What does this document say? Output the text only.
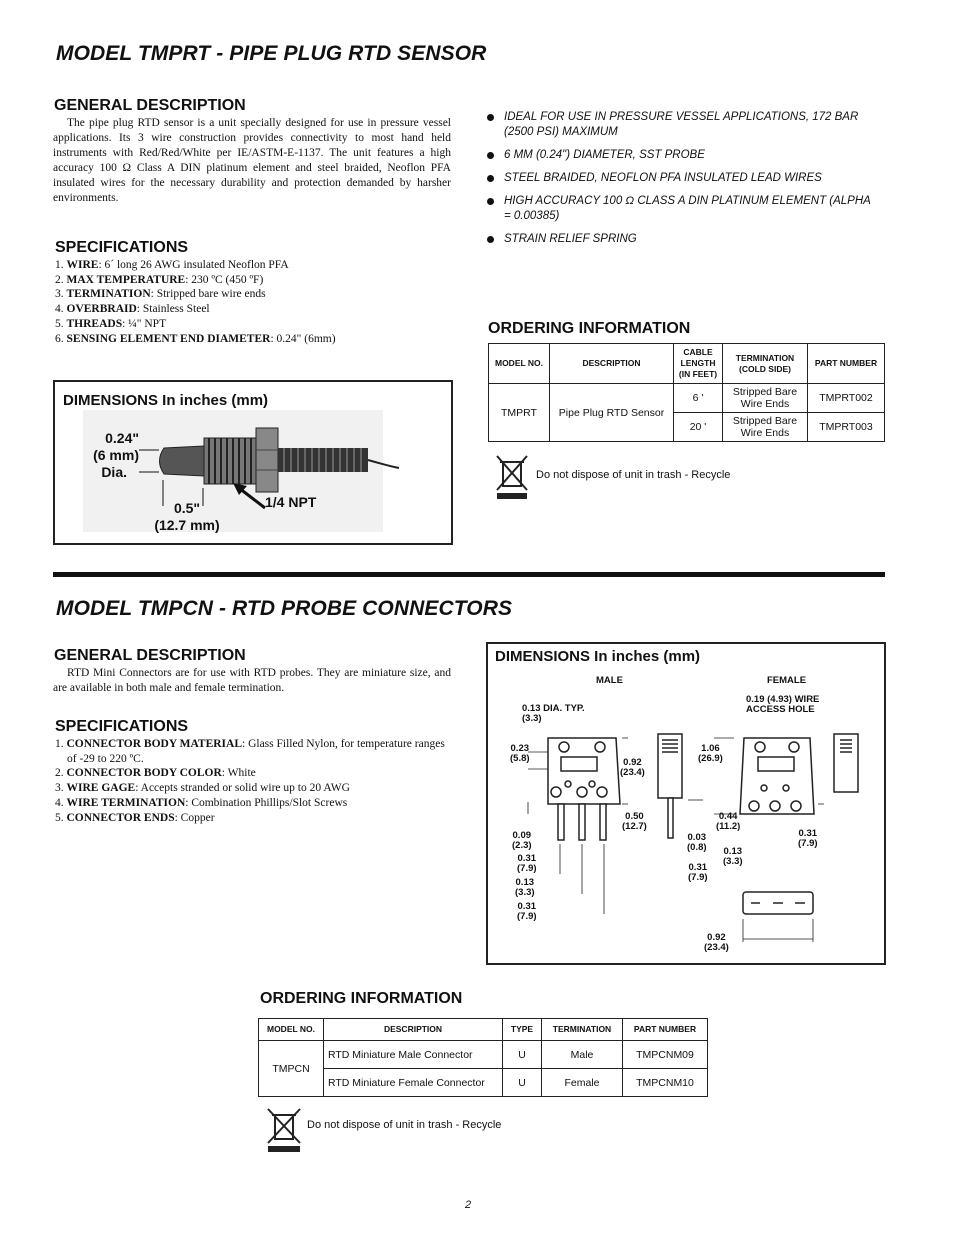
MODEL TMPRT - PIPE PLUG RTD SENSOR
GENERAL DESCRIPTION
The pipe plug RTD sensor is a unit specially designed for use in pressure vessel applications. Its 3 wire construction provides connectivity to most hand held instruments with Red/Red/White per IE/ASTM-E-1137. The unit features a high accuracy 100 Ω Class A DIN platinum element and steel braided, Neoflon PFA insulated wires for the necessary durability and protection demanded by harsher environments.
IDEAL FOR USE IN PRESSURE VESSEL APPLICATIONS, 172 BAR (2500 PSI) MAXIMUM
6 MM (0.24") DIAMETER, SST PROBE
STEEL BRAIDED, NEOFLON PFA INSULATED LEAD WIRES
HIGH ACCURACY 100 Ω CLASS A DIN PLATINUM ELEMENT (ALPHA = 0.00385)
STRAIN RELIEF SPRING
SPECIFICATIONS
1. WIRE: 6´ long 26 AWG insulated Neoflon PFA
2. MAX TEMPERATURE: 230 ºC (450 ºF)
3. TERMINATION: Stripped bare wire ends
4. OVERBRAID: Stainless Steel
5. THREADS: ¼" NPT
6. SENSING ELEMENT END DIAMETER: 0.24" (6mm)
DIMENSIONS In inches (mm)
0.24"
(6 mm)
Dia.
0.5"
(12.7 mm)
1/4 NPT
ORDERING INFORMATION
MODEL NO.	DESCRIPTION	CABLE LENGTH (IN FEET)	TERMINATION (COLD SIDE)	PART NUMBER
TMPRT	Pipe Plug RTD Sensor	6 '	Stripped Bare Wire Ends	TMPRT002
		20 '	Stripped Bare Wire Ends	TMPRT003
Do not dispose of unit in trash - Recycle
MODEL TMPCN - RTD PROBE CONNECTORS
GENERAL DESCRIPTION
RTD Mini Connectors are for use with RTD probes. They are miniature size, and are available in both male and female termination.
SPECIFICATIONS
1. CONNECTOR BODY MATERIAL: Glass Filled Nylon, for temperature ranges of -29 to 220 ºC.
2. CONNECTOR BODY COLOR: White
3. WIRE GAGE: Accepts stranded or solid wire up to 20 AWG
4. WIRE TERMINATION: Combination Phillips/Slot Screws
5. CONNECTOR ENDS: Copper
DIMENSIONS In inches (mm)
MALE	FEMALE
0.13 DIA. TYP.
(3.3)
0.19 (4.93) WIRE
ACCESS HOLE
0.23
(5.8)	0.92
(23.4)
1.06
(26.9)
0.50
(12.7)
0.44
(11.2)
0.03
(0.8) 0.13
(3.3)
0.31
(7.9)
0.31
(7.9)
0.09
(2.3)
0.31
(7.9)
0.13
(3.3)
0.31
(7.9)
0.92
(23.4)
ORDERING INFORMATION
MODEL NO.	DESCRIPTION	TYPE	TERMINATION	PART NUMBER
TMPCN	RTD Miniature Male Connector	U	Male	TMPCNM09
	RTD Miniature Female Connector	U	Female	TMPCNM10
Do not dispose of unit in trash - Recycle
2
